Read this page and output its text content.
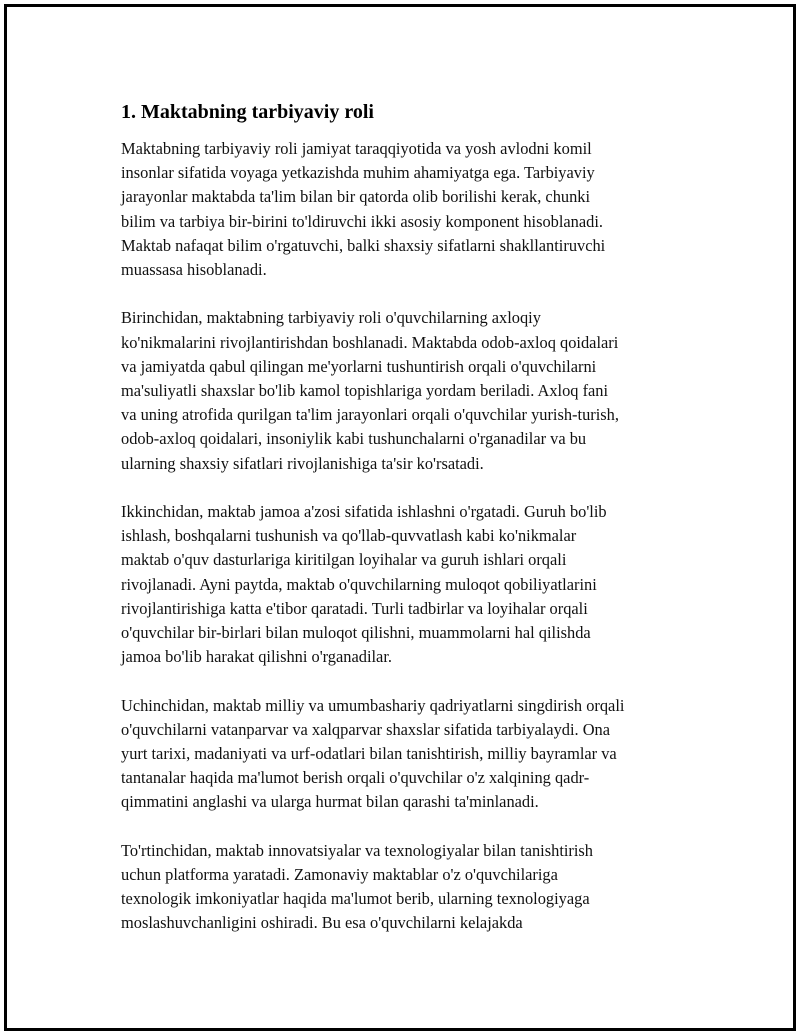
1. Maktabning tarbiyaviy roli

Maktabning tarbiyaviy roli jamiyat taraqqiyotida va yosh avlodni komil
insonlar sifatida voyaga yetkazishda muhim ahamiyatga ega. Tarbiyaviy
jarayonlar maktabda ta'lim bilan bir qatorda olib borilishi kerak, chunki
bilim va tarbiya bir-birini to'ldiruvchi ikki asosiy komponent hisoblanadi.
Maktab nafaqat bilim o'rgatuvchi, balki shaxsiy sifatlarni shakllantiruvchi
muassasa hisoblanadi.

Birinchidan, maktabning tarbiyaviy roli o'quvchilarning axloqiy
ko'nikmalarini rivojlantirishdan boshlanadi. Maktabda odob-axloq qoidalari
va jamiyatda qabul qilingan me'yorlarni tushuntirish orqali o'quvchilarni
ma'suliyatli shaxslar bo'lib kamol topishlariga yordam beriladi. Axloq fani
va uning atrofida qurilgan ta'lim jarayonlari orqali o'quvchilar yurish-turish,
odob-axloq qoidalari, insoniylik kabi tushunchalarni o'rganadilar va bu
ularning shaxsiy sifatlari rivojlanishiga ta'sir ko'rsatadi.

Ikkinchidan, maktab jamoa a'zosi sifatida ishlashni o'rgatadi. Guruh bo'lib
ishlash, boshqalarni tushunish va qo'llab-quvvatlash kabi ko'nikmalar
maktab o'quv dasturlariga kiritilgan loyihalar va guruh ishlari orqali
rivojlanadi. Ayni paytda, maktab o'quvchilarning muloqot qobiliyatlarini
rivojlantirishiga katta e'tibor qaratadi. Turli tadbirlar va loyihalar orqali
o'quvchilar bir-birlari bilan muloqot qilishni, muammolarni hal qilishda
jamoa bo'lib harakat qilishni o'rganadilar.

Uchinchidan, maktab milliy va umumbashariy qadriyatlarni singdirish orqali
o'quvchilarni vatanparvar va xalqparvar shaxslar sifatida tarbiyalaydi. Ona
yurt tarixi, madaniyati va urf-odatlari bilan tanishtirish, milliy bayramlar va
tantanalar haqida ma'lumot berish orqali o'quvchilar o'z xalqining qadr-
qimmatini anglashi va ularga hurmat bilan qarashi ta'minlanadi.

To'rtinchidan, maktab innovatsiyalar va texnologiyalar bilan tanishtirish
uchun platforma yaratadi. Zamonaviy maktablar o'z o'quvchilariga
texnologik imkoniyatlar haqida ma'lumot berib, ularning texnologiyaga
moslashuvchanligini oshiradi. Bu esa o'quvchilarni kelajakda
